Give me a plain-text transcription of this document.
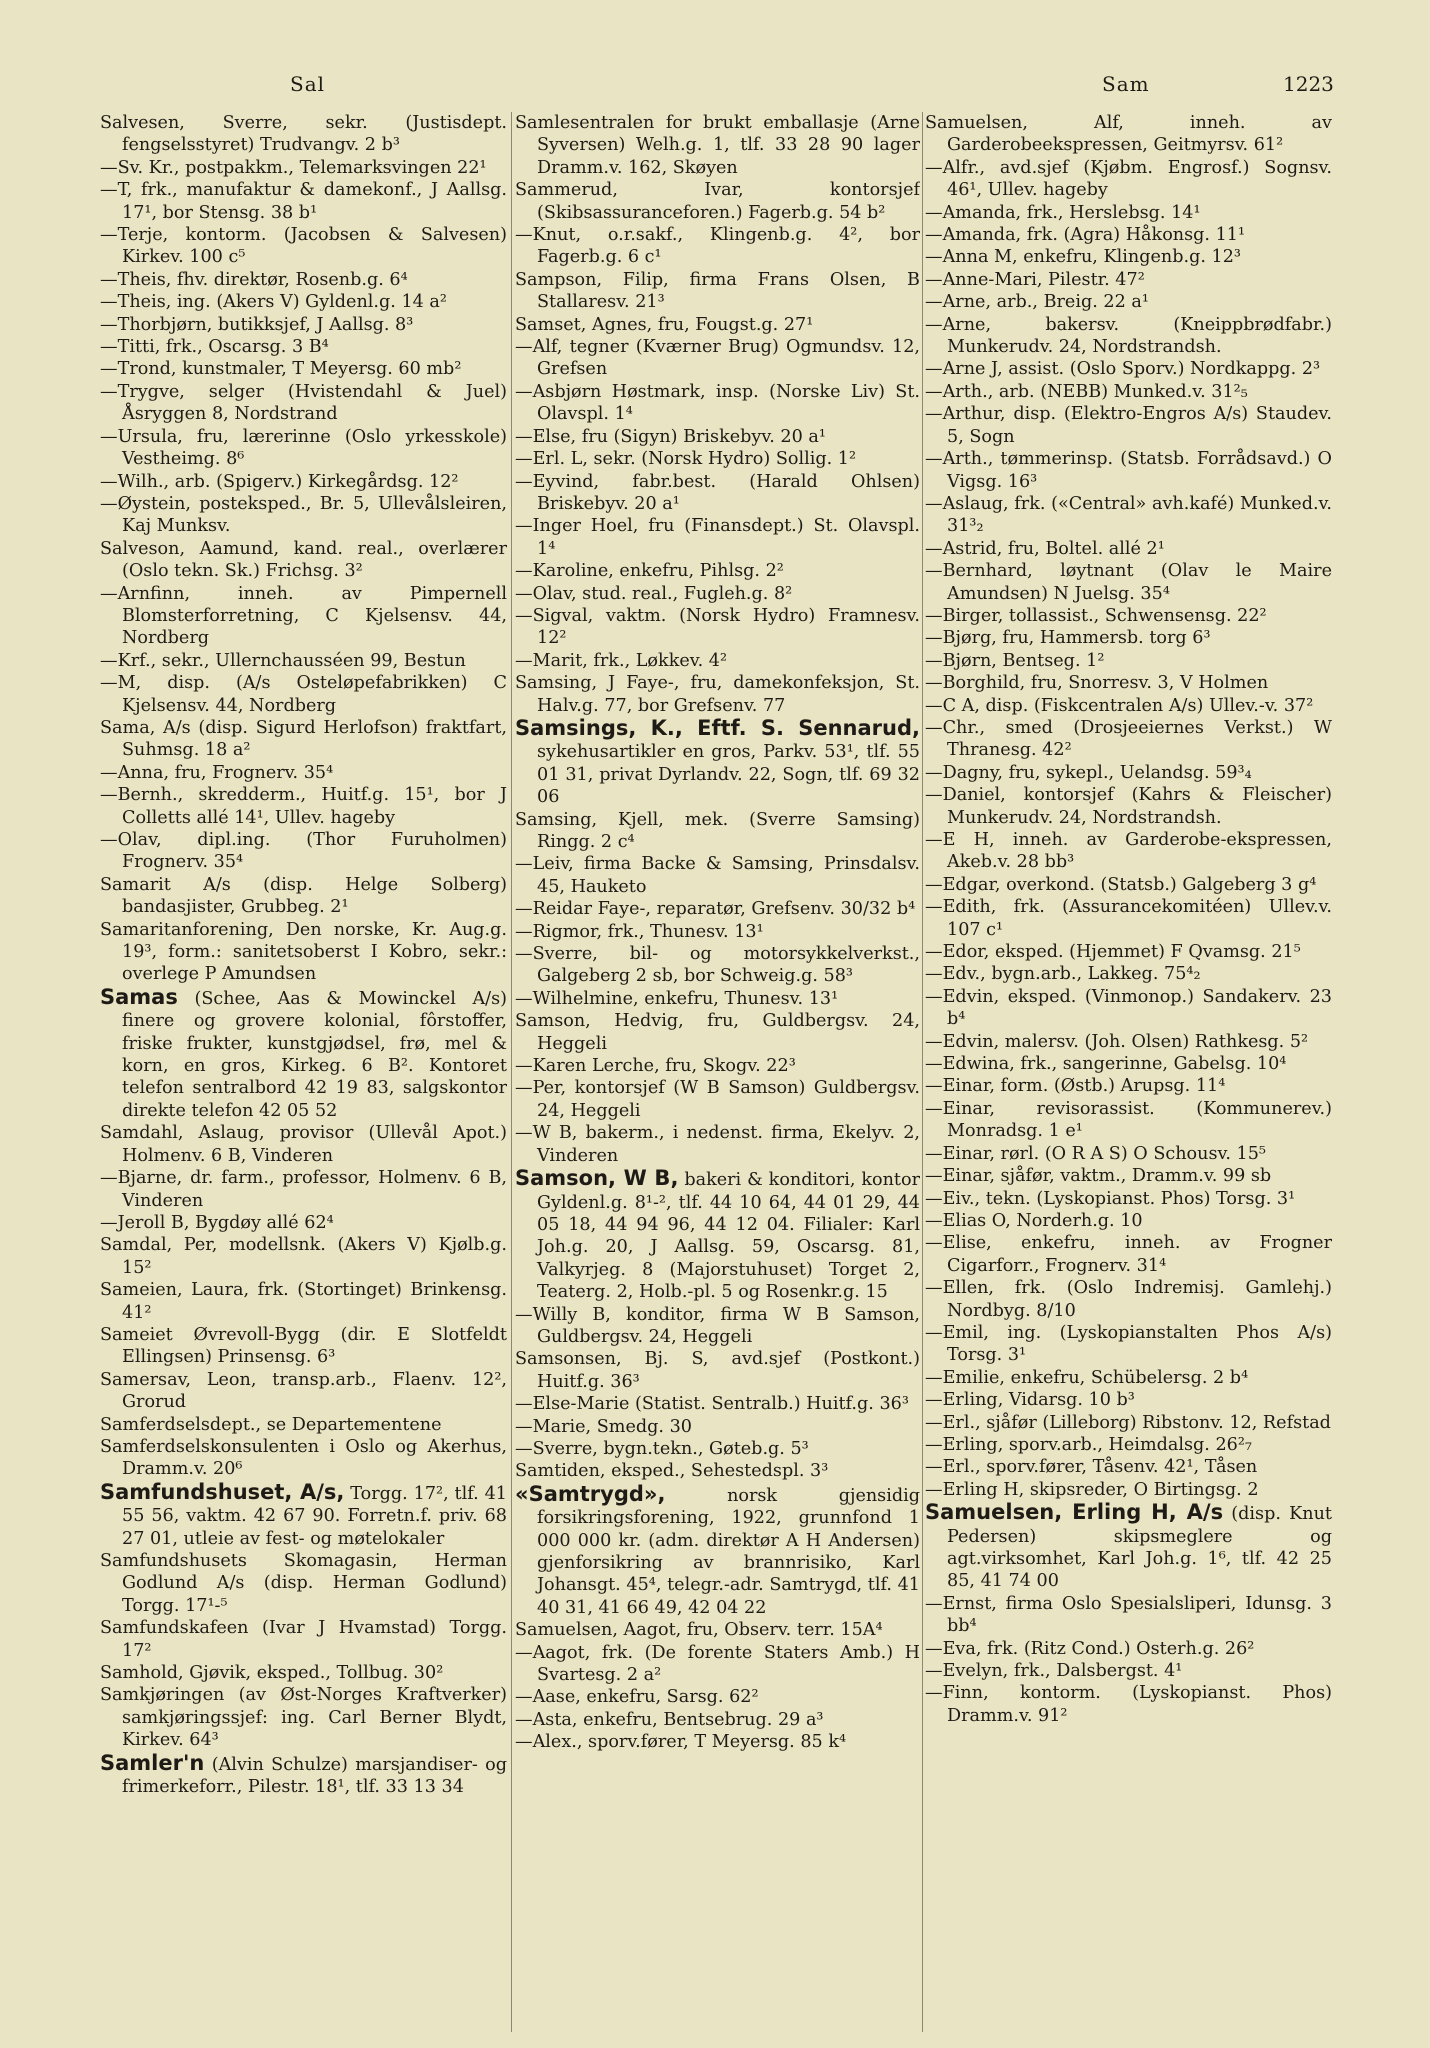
Sal	Sam	1223

Salvesen, Sverre, sekr. (Justisdept. fengselsstyret) Trudvangv. 2 b³

—Sv. Kr., postpakkm., Telemarksvingen 22¹

—T, frk., manufaktur & damekonf., J Aallsg. 17¹, bor Stensg. 38 b¹

—Terje, kontorm. (Jacobsen & Salvesen) Kirkev. 100 c⁵

—Theis, fhv. direktør, Rosenb.g. 6⁴

—Theis, ing. (Akers V) Gyldenl.g. 14 a²

—Thorbjørn, butikksjef, J Aallsg. 8³

—Titti, frk., Oscarsg. 3 B⁴

—Trond, kunstmaler, T Meyersg. 60 mb²

—Trygve, selger (Hvistendahl & Juel) Åsryggen 8, Nordstrand

—Ursula, fru, lærerinne (Oslo yrkesskole) Vestheimg. 8⁶

—Wilh., arb. (Spigerv.) Kirkegårdsg. 12²

—Øystein, posteksped., Br. 5, Ullevålsleiren, Kaj Munksv.

Salveson, Aamund, kand. real., overlærer (Oslo tekn. Sk.) Frichsg. 3²

—Arnfinn, inneh. av Pimpernell Blomsterforretning, C Kjelsensv. 44, Nordberg

—Krf., sekr., Ullernchausséen 99, Bestun

—M, disp. (A/s Osteløpefabrikken) C Kjelsensv. 44, Nordberg

Sama, A/s (disp. Sigurd Herlofson) fraktfart, Suhmsg. 18 a²

—Anna, fru, Frognerv. 35⁴

—Bernh., skredderm., Huitf.g. 15¹, bor J Colletts allé 14¹, Ullev. hageby

—Olav, dipl.ing. (Thor Furuholmen) Frognerv. 35⁴

Samarit A/s (disp. Helge Solberg) bandasjister, Grubbeg. 2¹

Samaritanforening, Den norske, Kr. Aug.g. 19³, form.: sanitetsoberst I Kobro, sekr.: overlege P Amundsen

Samas (Schee, Aas & Mowinckel A/s) finere og grovere kolonial, fôrstoffer, friske frukter, kunstgjødsel, frø, mel & korn, en gros, Kirkeg. 6 B². Kontoret telefon sentralbord 42 19 83, salgskontor direkte telefon 42 05 52

Samdahl, Aslaug, provisor (Ullevål Apot.) Holmenv. 6 B, Vinderen

—Bjarne, dr. farm., professor, Holmenv. 6 B, Vinderen

—Jeroll B, Bygdøy allé 62⁴

Samdal, Per, modellsnk. (Akers V) Kjølb.g. 15²

Sameien, Laura, frk. (Stortinget) Brinkensg. 41²

Sameiet Øvrevoll-Bygg (dir. E Slotfeldt Ellingsen) Prinsensg. 6³

Samersav, Leon, transp.arb., Flaenv. 12², Grorud

Samferdselsdept., se Departementene

Samferdselskonsulenten i Oslo og Akerhus, Dramm.v. 20⁶

Samfundshuset, A/s, Torgg. 17², tlf. 41 55 56, vaktm. 42 67 90. Forretn.f. priv. 68 27 01, utleie av fest- og møtelokaler

Samfundshusets Skomagasin, Herman Godlund A/s (disp. Herman Godlund) Torgg. 17¹‑⁵

Samfundskafeen (Ivar J Hvamstad) Torgg. 17²

Samhold, Gjøvik, eksped., Tollbug. 30²

Samkjøringen (av Øst-Norges Kraftverker) samkjøringssjef: ing. Carl Berner Blydt, Kirkev. 64³

Samler'n (Alvin Schulze) marsjandiser- og frimerkeforr., Pilestr. 18¹, tlf. 33 13 34

Samlesentralen for brukt emballasje (Arne Syversen) Welh.g. 1, tlf. 33 28 90 lager Dramm.v. 162, Skøyen

Sammerud, Ivar, kontorsjef (Skibsassuranceforen.) Fagerb.g. 54 b²

—Knut, o.r.sakf., Klingenb.g. 4², bor Fagerb.g. 6 c¹

Sampson, Filip, firma Frans Olsen, B Stallaresv. 21³

Samset, Agnes, fru, Fougst.g. 27¹

—Alf, tegner (Kværner Brug) Ogmundsv. 12, Grefsen

—Asbjørn Høstmark, insp. (Norske Liv) St. Olavspl. 1⁴

—Else, fru (Sigyn) Briskebyv. 20 a¹

—Erl. L, sekr. (Norsk Hydro) Sollig. 1²

—Eyvind, fabr.best. (Harald Ohlsen) Briskebyv. 20 a¹

—Inger Hoel, fru (Finansdept.) St. Olavspl. 1⁴

—Karoline, enkefru, Pihlsg. 2²

—Olav, stud. real., Fugleh.g. 8²

—Sigval, vaktm. (Norsk Hydro) Framnesv. 12²

—Marit, frk., Løkkev. 4²

Samsing, J Faye-, fru, damekonfeksjon, St. Halv.g. 77, bor Grefsenv. 77

Samsings, K., Eftf. S. Sennarud, sykehusartikler en gros, Parkv. 53¹, tlf. 55 01 31, privat Dyrlandv. 22, Sogn, tlf. 69 32 06

Samsing, Kjell, mek. (Sverre Samsing) Ringg. 2 c⁴

—Leiv, firma Backe & Samsing, Prinsdalsv. 45, Hauketo

—Reidar Faye-, reparatør, Grefsenv. 30/32 b⁴

—Rigmor, frk., Thunesv. 13¹

—Sverre, bil- og motorsykkelverkst., Galgeberg 2 sb, bor Schweig.g. 58³

—Wilhelmine, enkefru, Thunesv. 13¹

Samson, Hedvig, fru, Guldbergsv. 24, Heggeli

—Karen Lerche, fru, Skogv. 22³

—Per, kontorsjef (W B Samson) Guldbergsv. 24, Heggeli

—W B, bakerm., i nedenst. firma, Ekelyv. 2, Vinderen

Samson, W B, bakeri & konditori, kontor Gyldenl.g. 8¹‑², tlf. 44 10 64, 44 01 29, 44 05 18, 44 94 96, 44 12 04. Filialer: Karl Joh.g. 20, J Aallsg. 59, Oscarsg. 81, Valkyrjeg. 8 (Majorstuhuset) Torget 2, Teaterg. 2, Holb.-pl. 5 og Rosenkr.g. 15

—Willy B, konditor, firma W B Samson, Guldbergsv. 24, Heggeli

Samsonsen, Bj. S, avd.sjef (Postkont.) Huitf.g. 36³

—Else-Marie (Statist. Sentralb.) Huitf.g. 36³

—Marie, Smedg. 30

—Sverre, bygn.tekn., Gøteb.g. 5³

Samtiden, eksped., Sehestedspl. 3³

«Samtrygd», norsk gjensidig forsikringsforening, 1922, grunnfond 1 000 000 kr. (adm. direktør A H Andersen) gjenforsikring av brannrisiko, Karl Johansgt. 45⁴, telegr.-adr. Samtrygd, tlf. 41 40 31, 41 66 49, 42 04 22

Samuelsen, Aagot, fru, Observ. terr. 15A⁴

—Aagot, frk. (De forente Staters Amb.) H Svartesg. 2 a²

—Aase, enkefru, Sarsg. 62²

—Asta, enkefru, Bentsebrug. 29 a³

—Alex., sporv.fører, T Meyersg. 85 k⁴

Samuelsen, Alf, inneh. av Garderobeekspressen, Geitmyrsv. 61²

—Alfr., avd.sjef (Kjøbm. Engrosf.) Sognsv. 46¹, Ullev. hageby

—Amanda, frk., Herslebsg. 14¹

—Amanda, frk. (Agra) Håkonsg. 11¹

—Anna M, enkefru, Klingenb.g. 12³

—Anne-Mari, Pilestr. 47²

—Arne, arb., Breig. 22 a¹

—Arne, bakersv. (Kneippbrødfabr.) Munkerudv. 24, Nordstrandsh.

—Arne J, assist. (Oslo Sporv.) Nordkappg. 2³

—Arth., arb. (NEBB) Munked.v. 31²₅

—Arthur, disp. (Elektro-Engros A/s) Staudev. 5, Sogn

—Arth., tømmerinsp. (Statsb. Forrådsavd.) O Vigsg. 16³

—Aslaug, frk. («Central» avh.kafé) Munked.v. 31³₂

—Astrid, fru, Boltel. allé 2¹

—Bernhard, løytnant (Olav le Maire Amundsen) N Juelsg. 35⁴

—Birger, tollassist., Schwensensg. 22²

—Bjørg, fru, Hammersb. torg 6³

—Bjørn, Bentseg. 1²

—Borghild, fru, Snorresv. 3, V Holmen

—C A, disp. (Fiskcentralen A/s) Ullev.-v. 37²

—Chr., smed (Drosjeeiernes Verkst.) W Thranesg. 42²

—Dagny, fru, sykepl., Uelandsg. 59³₄

—Daniel, kontorsjef (Kahrs & Fleischer) Munkerudv. 24, Nordstrandsh.

—E H, inneh. av Garderobe-ekspressen, Akeb.v. 28 bb³

—Edgar, overkond. (Statsb.) Galgeberg 3 g⁴

—Edith, frk. (Assurancekomitéen) Ullev.v. 107 c¹

—Edor, eksped. (Hjemmet) F Qvamsg. 21⁵

—Edv., bygn.arb., Lakkeg. 75⁴₂

—Edvin, eksped. (Vinmonop.) Sandakerv. 23 b⁴

—Edvin, malersv. (Joh. Olsen) Rathkesg. 5²

—Edwina, frk., sangerinne, Gabelsg. 10⁴

—Einar, form. (Østb.) Arupsg. 11⁴

—Einar, revisorassist. (Kommunerev.) Monradsg. 1 e¹

—Einar, rørl. (O R A S) O Schousv. 15⁵

—Einar, sjåfør, vaktm., Dramm.v. 99 sb

—Eiv., tekn. (Lyskopianst. Phos) Torsg. 3¹

—Elias O, Norderh.g. 10

—Elise, enkefru, inneh. av Frogner Cigarforr., Frognerv. 31⁴

—Ellen, frk. (Oslo Indremisj. Gamlehj.) Nordbyg. 8/10

—Emil, ing. (Lyskopianstalten Phos A/s) Torsg. 3¹

—Emilie, enkefru, Schübelersg. 2 b⁴

—Erling, Vidarsg. 10 b³

—Erl., sjåfør (Lilleborg) Ribstonv. 12, Refstad

—Erling, sporv.arb., Heimdalsg. 26²₇

—Erl., sporv.fører, Tåsenv. 42¹, Tåsen

—Erling H, skipsreder, O Birtingsg. 2

Samuelsen, Erling H, A/s (disp. Knut Pedersen) skipsmeglere og agt.virksomhet, Karl Joh.g. 1⁶, tlf. 42 25 85, 41 74 00

—Ernst, firma Oslo Spesialsliperi, Idunsg. 3 bb⁴

—Eva, frk. (Ritz Cond.) Osterh.g. 26²

—Evelyn, frk., Dalsbergst. 4¹

—Finn, kontorm. (Lyskopianst. Phos) Dramm.v. 91²
